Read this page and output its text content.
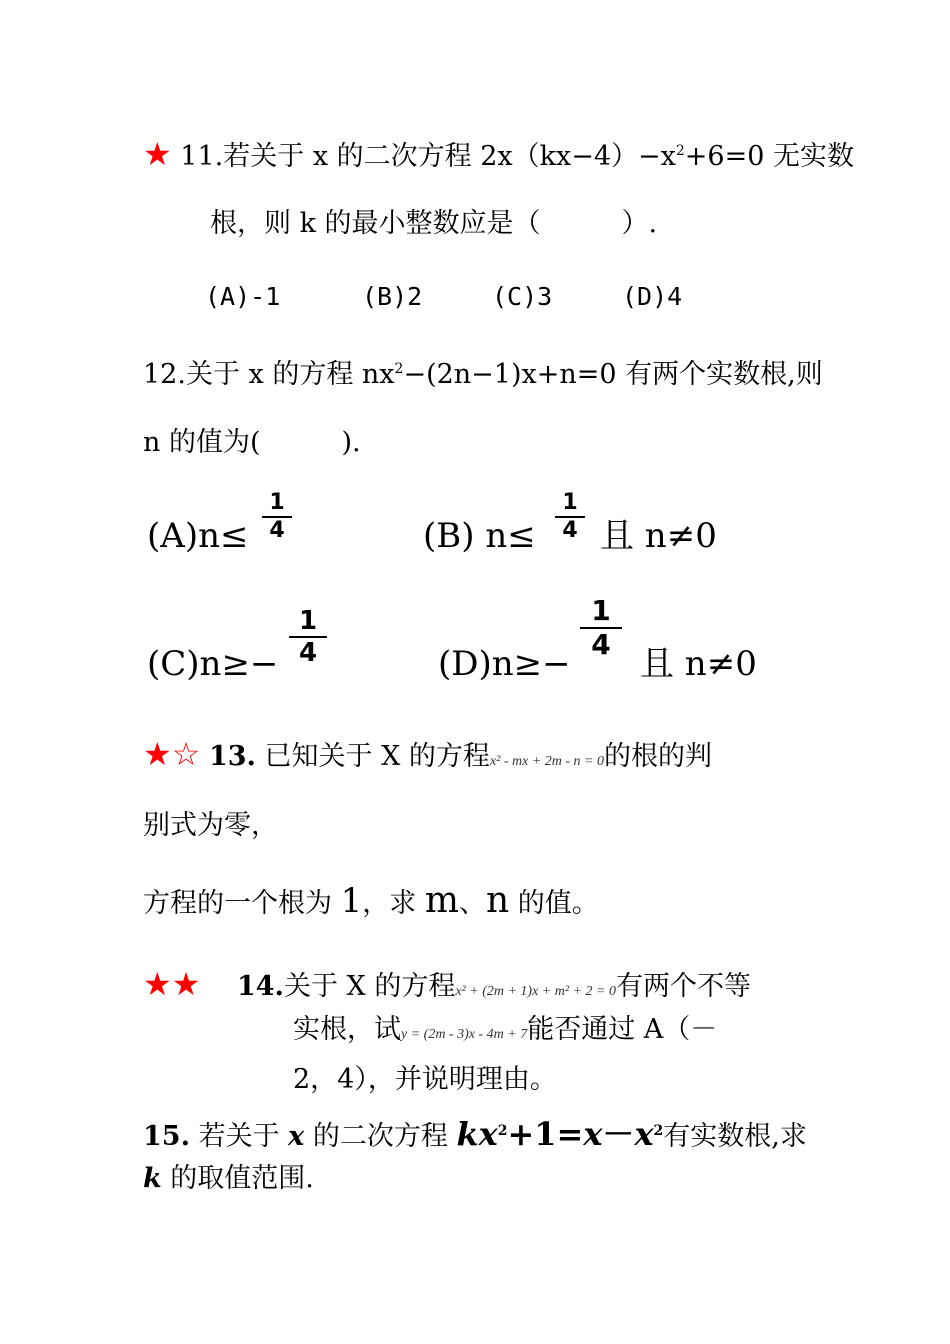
★ 11.若关于 x 的二次方程 $2x(kx-4)-x^2+6=0$ 无实数
根，则 k 的最小整数应是（　　　）.
(A)-1	(B)2	(C)3	(D)4
12.关于 x 的方程 $nx^2-(2n-1)x+n=0$ 有两个实数根,则
n 的值为(　　　).
(A)n≤
1
4	(B) n≤
1
4 且 n≠0
(C)n≥−
1
4	(D)n≥−
1
4 且 n≠0
★☆ 13. 已知关于 X 的方程x² - mx + 2m - n = 0的根的判
别式为零，
方程的一个根为 1，求 m、n 的值。
★★ 14.关于 X 的方程x² + (2m + 1)x + m² + 2 = 0有两个不等
实根，试y = (2m - 3)x - 4m + 7能否通过 A（－
2，4），并说明理由。
15. 若关于 x 的二次方程 $kx^2+1=x-x^2$有实数根,求
k 的取值范围.
